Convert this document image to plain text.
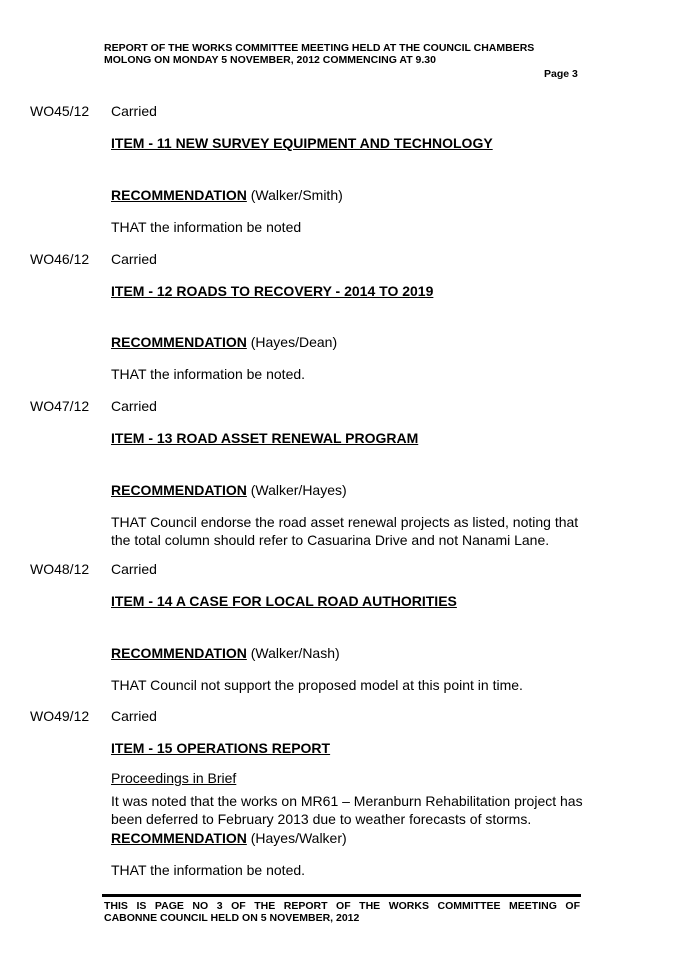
REPORT OF THE WORKS COMMITTEE MEETING HELD AT THE COUNCIL CHAMBERS
MOLONG ON MONDAY 5 NOVEMBER, 2012 COMMENCING AT 9.30
Page 3
WO45/12 Carried
ITEM - 11 NEW SURVEY EQUIPMENT AND TECHNOLOGY
RECOMMENDATION (Walker/Smith)
THAT the information be noted
WO46/12 Carried
ITEM - 12 ROADS TO RECOVERY - 2014 TO 2019
RECOMMENDATION (Hayes/Dean)
THAT the information be noted.
WO47/12 Carried
ITEM - 13 ROAD ASSET RENEWAL PROGRAM
RECOMMENDATION (Walker/Hayes)
THAT Council endorse the road asset renewal projects as listed, noting that the total column should refer to Casuarina Drive and not Nanami Lane.
WO48/12 Carried
ITEM - 14 A CASE FOR LOCAL ROAD AUTHORITIES
RECOMMENDATION (Walker/Nash)
THAT Council not support the proposed model at this point in time.
WO49/12 Carried
ITEM - 15 OPERATIONS REPORT
Proceedings in Brief
It was noted that the works on MR61 – Meranburn Rehabilitation project has been deferred to February 2013 due to weather forecasts of storms.
RECOMMENDATION (Hayes/Walker)
THAT the information be noted.
THIS IS PAGE NO 3 OF THE REPORT OF THE WORKS COMMITTEE MEETING OF
CABONNE COUNCIL HELD ON 5 NOVEMBER, 2012
